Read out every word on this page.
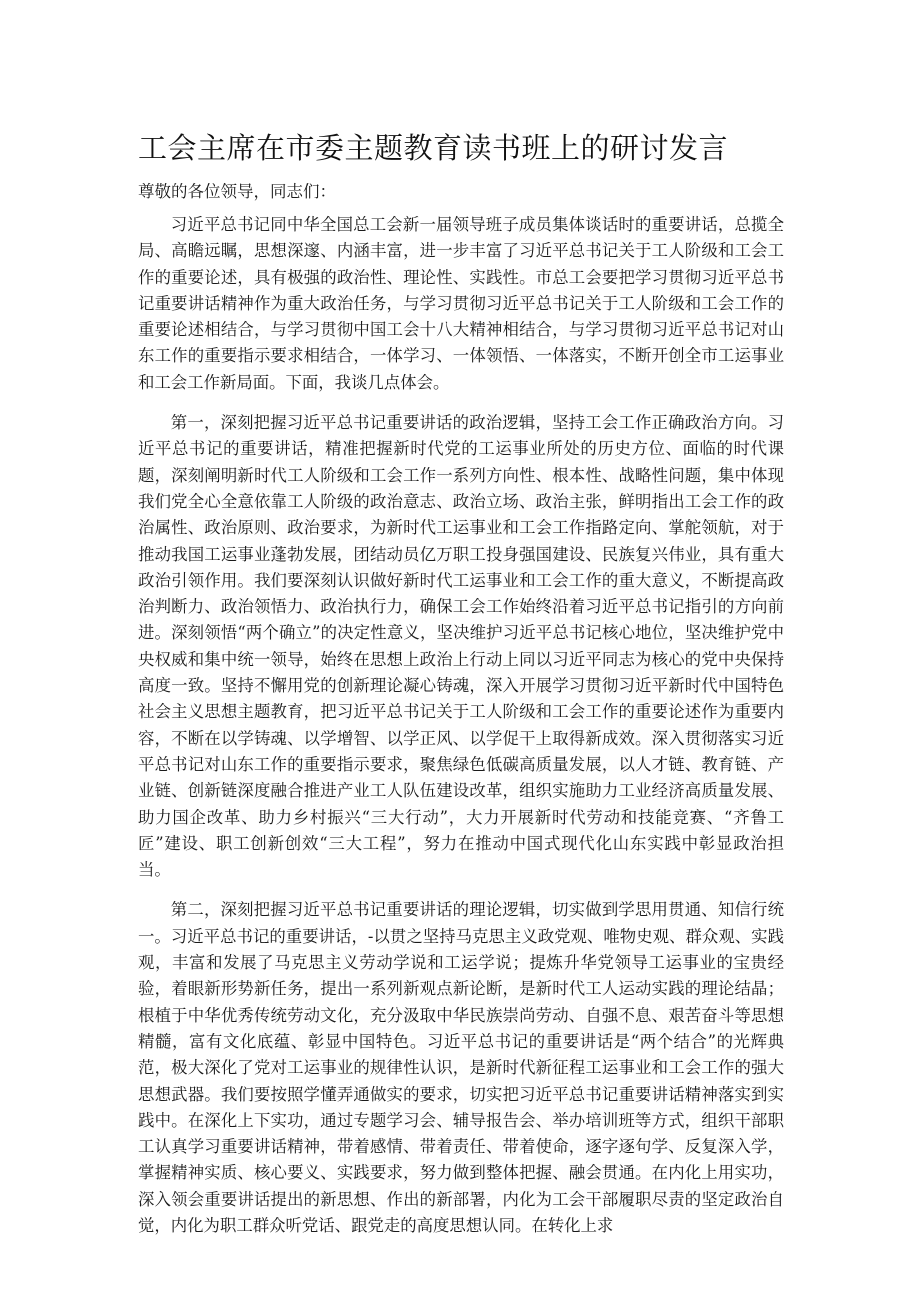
工会主席在市委主题教育读书班上的研讨发言

尊敬的各位领导，同志们：

习近平总书记同中华全国总工会新一届领导班子成员集体谈话时的重要讲话，总揽全局、高瞻远瞩，思想深邃、内涵丰富，进一步丰富了习近平总书记关于工人阶级和工会工作的重要论述，具有极强的政治性、理论性、实践性。市总工会要把学习贯彻习近平总书记重要讲话精神作为重大政治任务，与学习贯彻习近平总书记关于工人阶级和工会工作的重要论述相结合，与学习贯彻中国工会十八大精神相结合，与学习贯彻习近平总书记对山东工作的重要指示要求相结合，一体学习、一体领悟、一体落实，不断开创全市工运事业和工会工作新局面。下面，我谈几点体会。

第一，深刻把握习近平总书记重要讲话的政治逻辑，坚持工会工作正确政治方向。习近平总书记的重要讲话，精准把握新时代党的工运事业所处的历史方位、面临的时代课题，深刻阐明新时代工人阶级和工会工作一系列方向性、根本性、战略性问题，集中体现我们党全心全意依靠工人阶级的政治意志、政治立场、政治主张，鲜明指出工会工作的政治属性、政治原则、政治要求，为新时代工运事业和工会工作指路定向、掌舵领航，对于推动我国工运事业蓬勃发展，团结动员亿万职工投身强国建设、民族复兴伟业，具有重大政治引领作用。我们要深刻认识做好新时代工运事业和工会工作的重大意义，不断提高政治判断力、政治领悟力、政治执行力，确保工会工作始终沿着习近平总书记指引的方向前进。深刻领悟“两个确立”的决定性意义，坚决维护习近平总书记核心地位，坚决维护党中央权威和集中统一领导，始终在思想上政治上行动上同以习近平同志为核心的党中央保持高度一致。坚持不懈用党的创新理论凝心铸魂，深入开展学习贯彻习近平新时代中国特色社会主义思想主题教育，把习近平总书记关于工人阶级和工会工作的重要论述作为重要内容，不断在以学铸魂、以学增智、以学正风、以学促干上取得新成效。深入贯彻落实习近平总书记对山东工作的重要指示要求，聚焦绿色低碳高质量发展，以人才链、教育链、产业链、创新链深度融合推进产业工人队伍建设改革，组织实施助力工业经济高质量发展、助力国企改革、助力乡村振兴“三大行动”，大力开展新时代劳动和技能竞赛、“齐鲁工匠”建设、职工创新创效“三大工程”，努力在推动中国式现代化山东实践中彰显政治担当。

第二，深刻把握习近平总书记重要讲话的理论逻辑，切实做到学思用贯通、知信行统一。习近平总书记的重要讲话，-以贯之坚持马克思主义政党观、唯物史观、群众观、实践观，丰富和发展了马克思主义劳动学说和工运学说；提炼升华党领导工运事业的宝贵经验，着眼新形势新任务，提出一系列新观点新论断，是新时代工人运动实践的理论结晶；根植于中华优秀传统劳动文化，充分汲取中华民族崇尚劳动、自强不息、艰苦奋斗等思想精髓，富有文化底蕴、彰显中国特色。习近平总书记的重要讲话是“两个结合”的光辉典范，极大深化了党对工运事业的规律性认识，是新时代新征程工运事业和工会工作的强大思想武器。我们要按照学懂弄通做实的要求，切实把习近平总书记重要讲话精神落实到实践中。在深化上下实功，通过专题学习会、辅导报告会、举办培训班等方式，组织干部职工认真学习重要讲话精神，带着感情、带着责任、带着使命，逐字逐句学、反复深入学，掌握精神实质、核心要义、实践要求，努力做到整体把握、融会贯通。在内化上用实功，深入领会重要讲话提出的新思想、作出的新部署，内化为工会干部履职尽责的坚定政治自觉，内化为职工群众听党话、跟党走的高度思想认同。在转化上求
